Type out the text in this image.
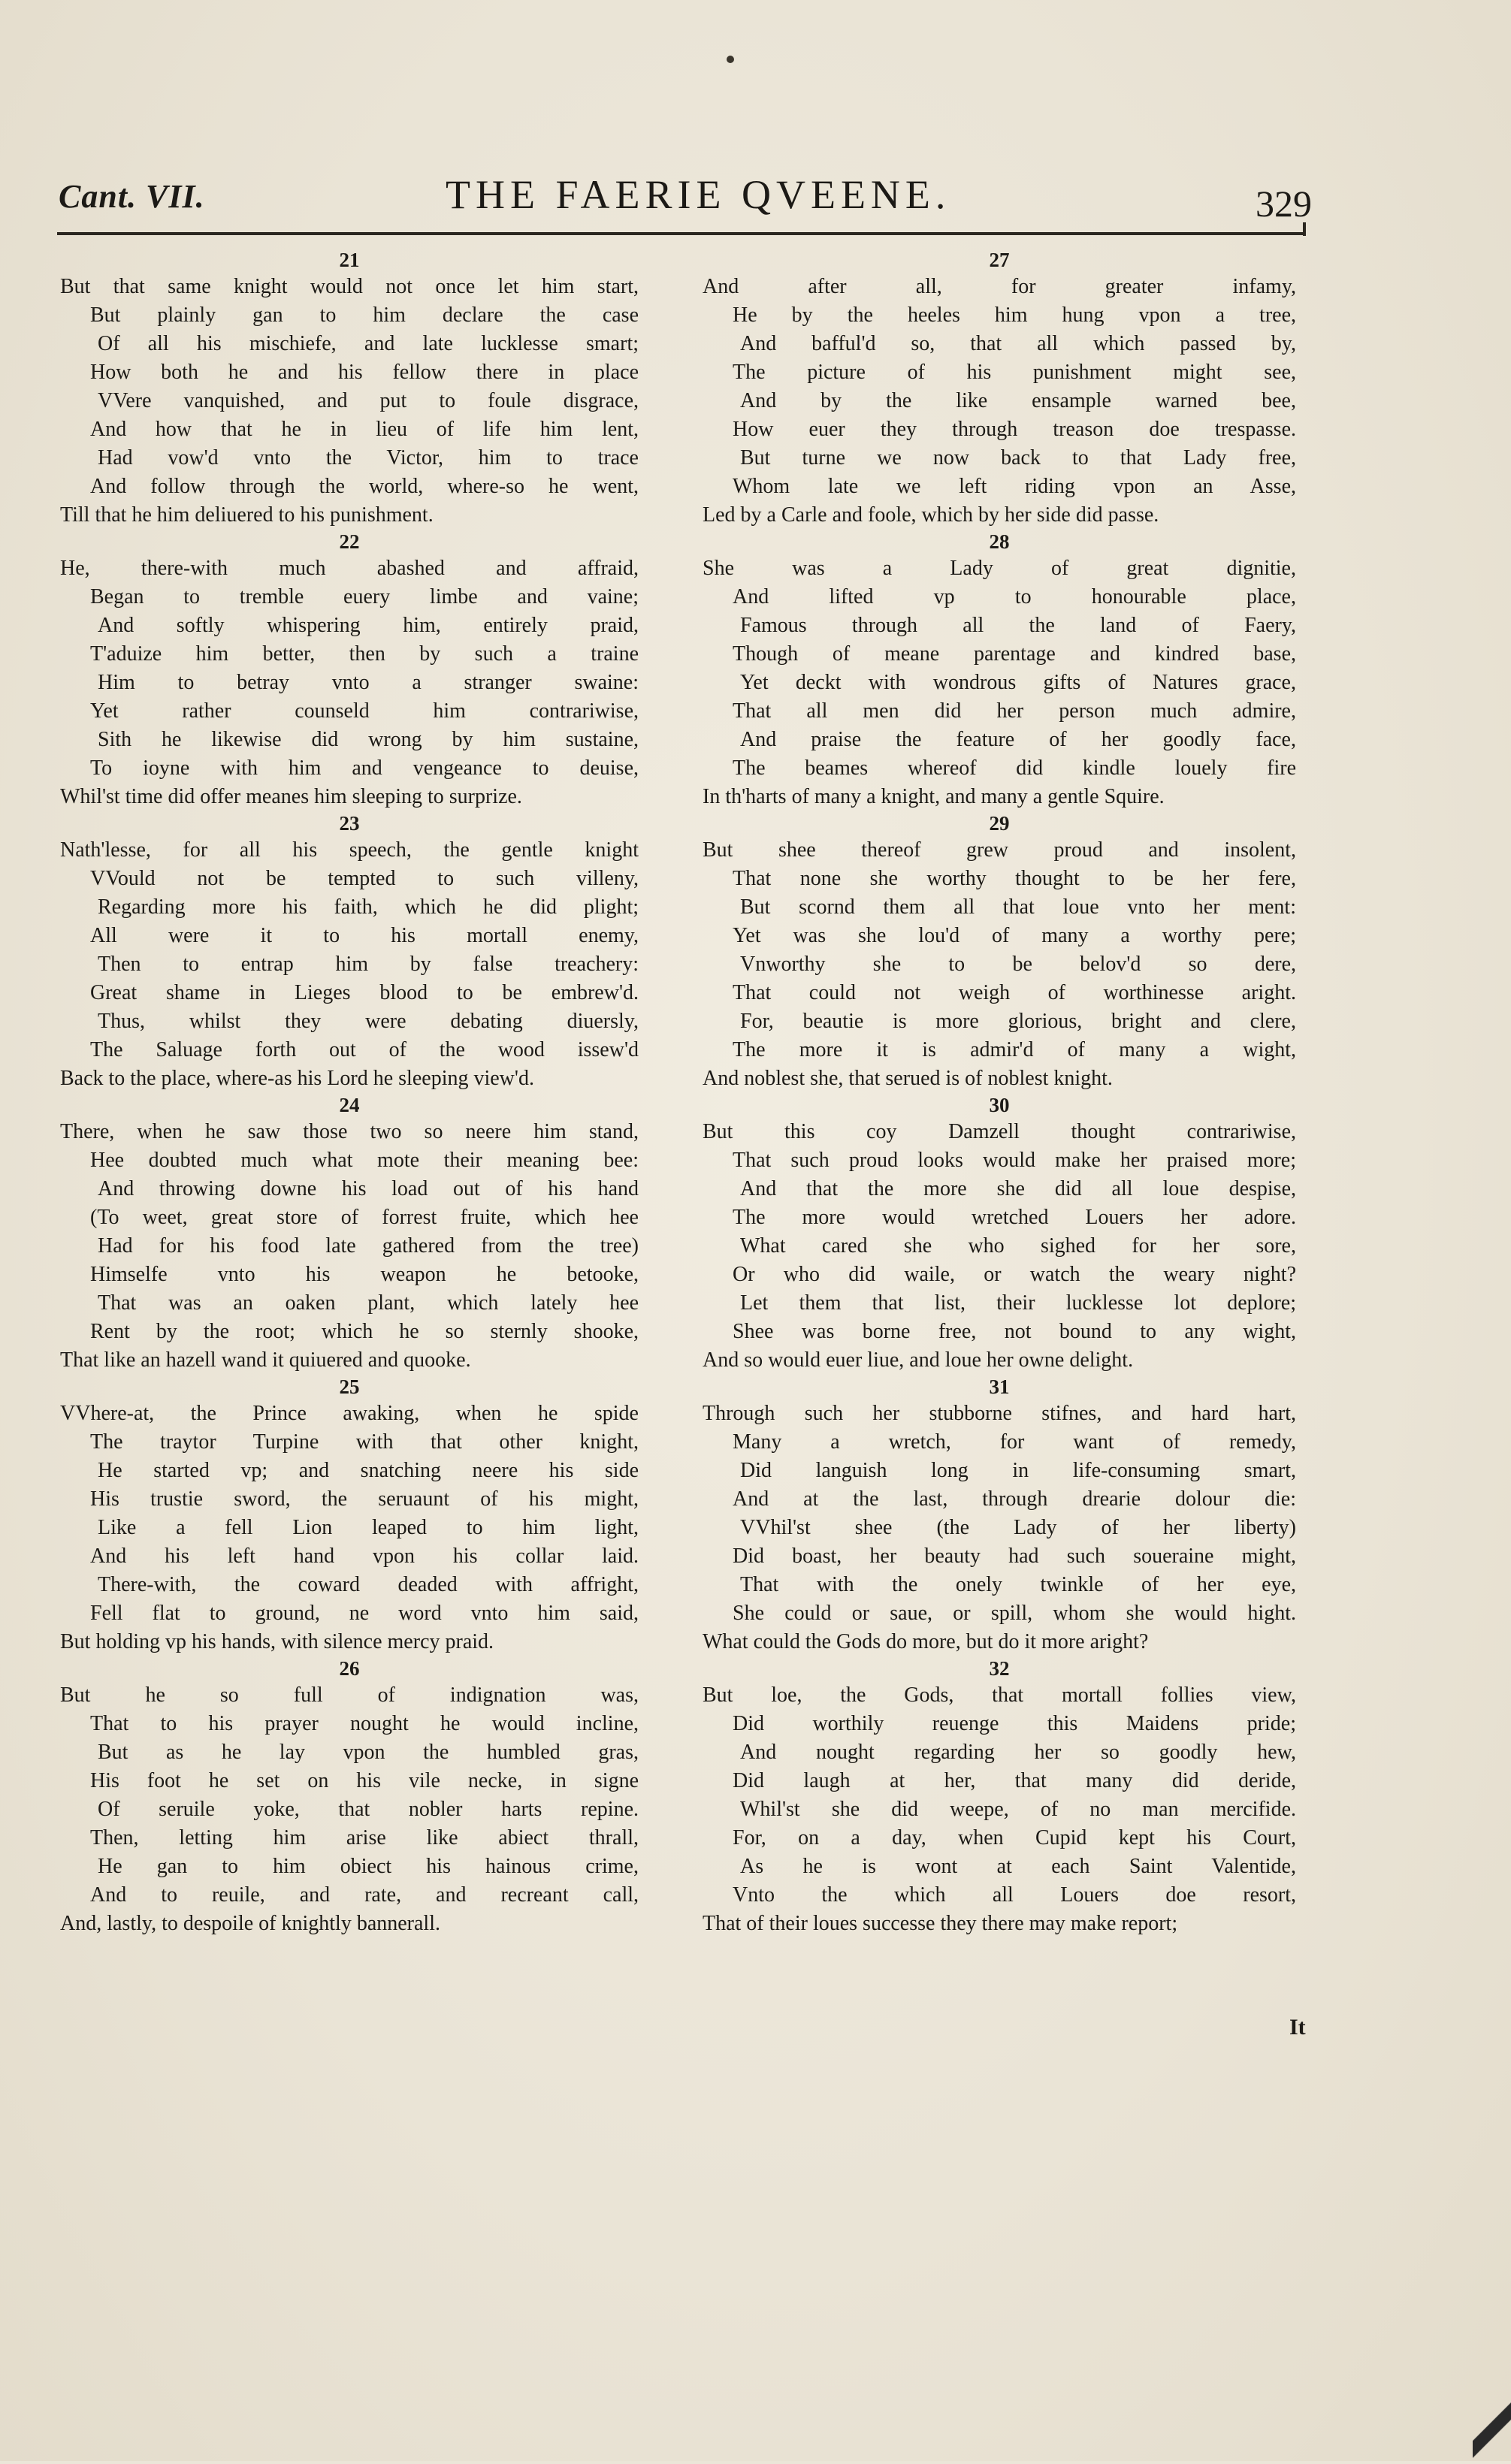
Cant. VII.	THE FAERIE QVEENE.	329
21
But that same knight would not once let him start,
But plainly gan to him declare the case
Of all his mischiefe, and late lucklesse smart;
How both he and his fellow there in place
VVere vanquished, and put to foule disgrace,
And how that he in lieu of life him lent,
Had vow'd vnto the Victor, him to trace
And follow through the world, where-so he went,
Till that he him deliuered to his punishment.
22
He, there-with much abashed and affraid,
Began to tremble euery limbe and vaine;
And softly whispering him, entirely praid,
T'aduize him better, then by such a traine
Him to betray vnto a stranger swaine:
Yet rather counseld him contrariwise,
Sith he likewise did wrong by him sustaine,
To ioyne with him and vengeance to deuise,
Whil'st time did offer meanes him sleeping to surprize.
23
Nath'lesse, for all his speech, the gentle knight
VVould not be tempted to such villeny,
Regarding more his faith, which he did plight;
All were it to his mortall enemy,
Then to entrap him by false treachery:
Great shame in Lieges blood to be embrew'd.
Thus, whilst they were debating diuersly,
The Saluage forth out of the wood issew'd
Back to the place, where-as his Lord he sleeping view'd.
24
There, when he saw those two so neere him stand,
Hee doubted much what mote their meaning bee:
And throwing downe his load out of his hand
(To weet, great store of forrest fruite, which hee
Had for his food late gathered from the tree)
Himselfe vnto his weapon he betooke,
That was an oaken plant, which lately hee
Rent by the root; which he so sternly shooke,
That like an hazell wand it quiuered and quooke.
25
VVhere-at, the Prince awaking, when he spide
The traytor Turpine with that other knight,
He started vp; and snatching neere his side
His trustie sword, the seruaunt of his might,
Like a fell Lion leaped to him light,
And his left hand vpon his collar laid.
There-with, the coward deaded with affright,
Fell flat to ground, ne word vnto him said,
But holding vp his hands, with silence mercy praid.
26
But he so full of indignation was,
That to his prayer nought he would incline,
But as he lay vpon the humbled gras,
His foot he set on his vile necke, in signe
Of seruile yoke, that nobler harts repine.
Then, letting him arise like abiect thrall,
He gan to him obiect his hainous crime,
And to reuile, and rate, and recreant call,
And, lastly, to despoile of knightly bannerall.
27
And after all, for greater infamy,
He by the heeles him hung vpon a tree,
And bafful'd so, that all which passed by,
The picture of his punishment might see,
And by the like ensample warned bee,
How euer they through treason doe trespasse.
But turne we now back to that Lady free,
Whom late we left riding vpon an Asse,
Led by a Carle and foole, which by her side did passe.
28
She was a Lady of great dignitie,
And lifted vp to honourable place,
Famous through all the land of Faery,
Though of meane parentage and kindred base,
Yet deckt with wondrous gifts of Natures grace,
That all men did her person much admire,
And praise the feature of her goodly face,
The beames whereof did kindle louely fire
In th'harts of many a knight, and many a gentle Squire.
29
But shee thereof grew proud and insolent,
That none she worthy thought to be her fere,
But scornd them all that loue vnto her ment:
Yet was she lou'd of many a worthy pere;
Vnworthy she to be belov'd so dere,
That could not weigh of worthinesse aright.
For, beautie is more glorious, bright and clere,
The more it is admir'd of many a wight,
And noblest she, that serued is of noblest knight.
30
But this coy Damzell thought contrariwise,
That such proud looks would make her praised more;
And that the more she did all loue despise,
The more would wretched Louers her adore.
What cared she who sighed for her sore,
Or who did waile, or watch the weary night?
Let them that list, their lucklesse lot deplore;
Shee was borne free, not bound to any wight,
And so would euer liue, and loue her owne delight.
31
Through such her stubborne stifnes, and hard hart,
Many a wretch, for want of remedy,
Did languish long in life-consuming smart,
And at the last, through drearie dolour die:
VVhil'st shee (the Lady of her liberty)
Did boast, her beauty had such soueraine might,
That with the onely twinkle of her eye,
She could or saue, or spill, whom she would hight.
What could the Gods do more, but do it more aright?
32
But loe, the Gods, that mortall follies view,
Did worthily reuenge this Maidens pride;
And nought regarding her so goodly hew,
Did laugh at her, that many did deride,
Whil'st she did weepe, of no man mercifide.
For, on a day, when Cupid kept his Court,
As he is wont at each Saint Valentide,
Vnto the which all Louers doe resort,
That of their loues successe they there may make report;
It
